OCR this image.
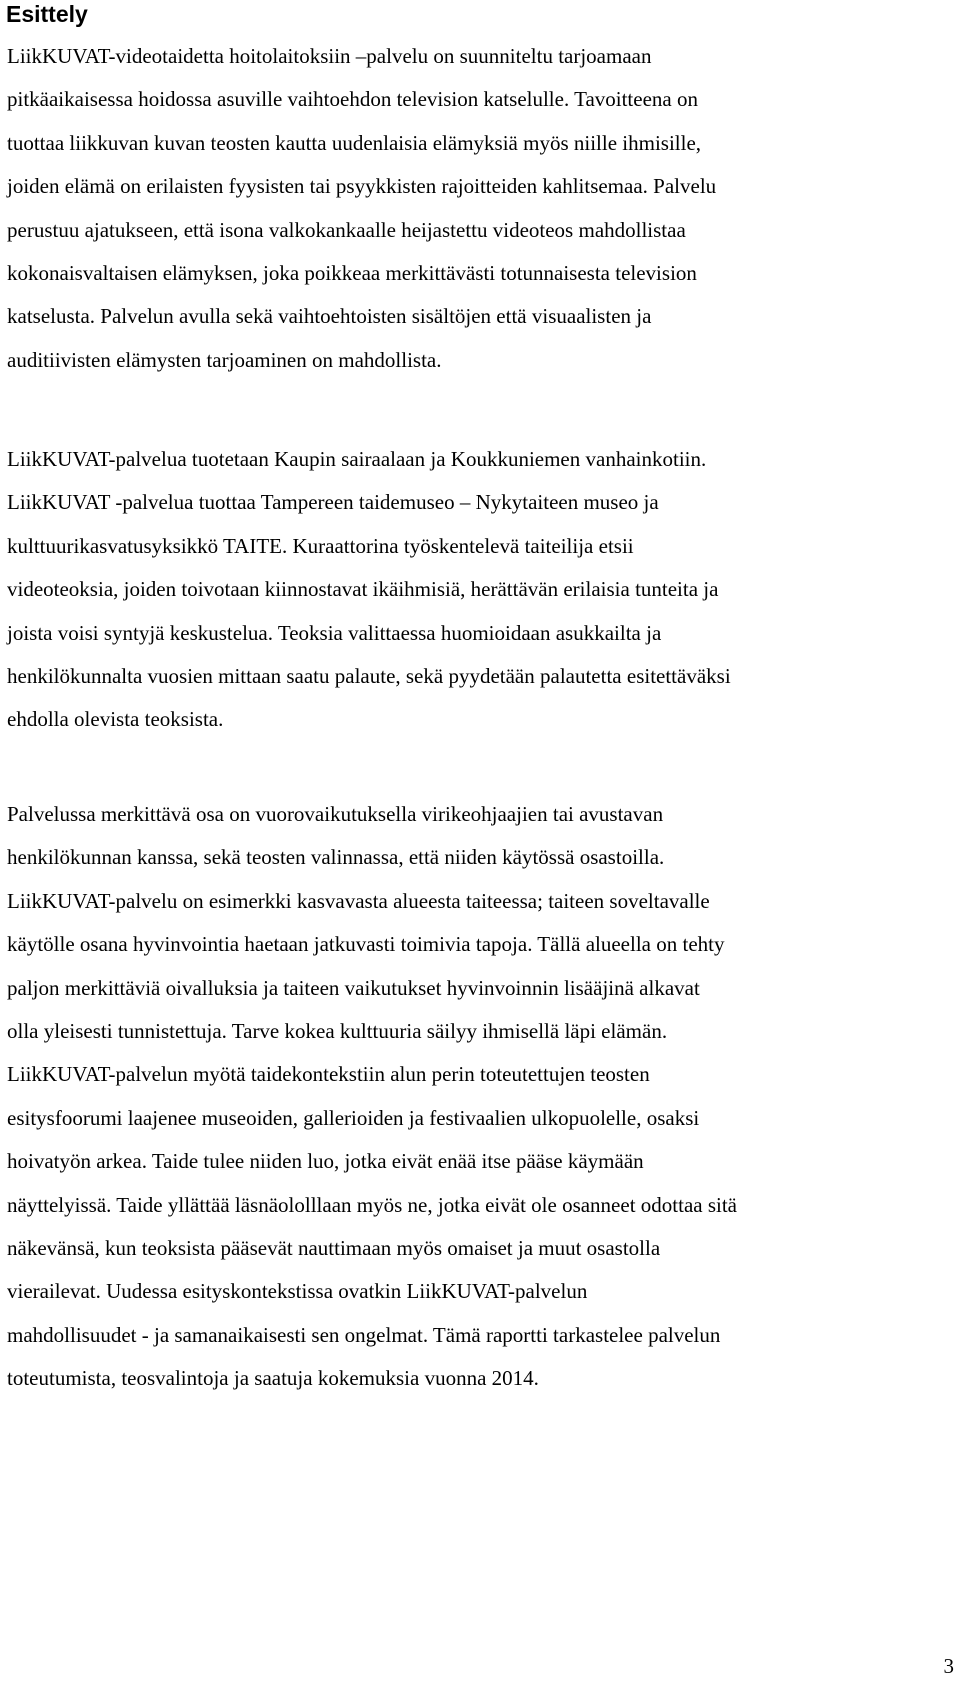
Esittely
LiikKUVAT-videotaidetta hoitolaitoksiin –palvelu on suunniteltu tarjoamaan
pitkäaikaisessa hoidossa asuville vaihtoehdon television katselulle. Tavoitteena on
tuottaa liikkuvan kuvan teosten kautta uudenlaisia elämyksiä myös niille ihmisille,
joiden elämä on erilaisten fyysisten tai psyykkisten rajoitteiden kahlitsemaa. Palvelu
perustuu ajatukseen, että isona valkokankaalle heijastettu videoteos mahdollistaa
kokonaisvaltaisen elämyksen, joka poikkeaa merkittävästi totunnaisesta television
katselusta. Palvelun avulla sekä vaihtoehtoisten sisältöjen että visuaalisten ja
auditiivisten elämysten tarjoaminen on mahdollista.
LiikKUVAT-palvelua tuotetaan Kaupin sairaalaan ja Koukkuniemen vanhainkotiin.
LiikKUVAT -palvelua tuottaa Tampereen taidemuseo – Nykytaiteen museo ja
kulttuurikasvatusyksikkö TAITE. Kuraattorina työskentelevä taiteilija etsii
videoteoksia, joiden toivotaan kiinnostavat ikäihmisiä, herättävän erilaisia tunteita ja
joista voisi syntyjä keskustelua. Teoksia valittaessa huomioidaan asukkailta ja
henkilökunnalta vuosien mittaan saatu palaute, sekä pyydetään palautetta esitettäväksi
ehdolla olevista teoksista.
Palvelussa merkittävä osa on vuorovaikutuksella virikeohjaajien tai avustavan
henkilökunnan kanssa, sekä teosten valinnassa, että niiden käytössä osastoilla.
LiikKUVAT-palvelu on esimerkki kasvavasta alueesta taiteessa; taiteen soveltavalle
käytölle osana hyvinvointia haetaan jatkuvasti toimivia tapoja. Tällä alueella on tehty
paljon merkittäviä oivalluksia ja taiteen vaikutukset hyvinvoinnin lisääjinä alkavat
olla yleisesti tunnistettuja. Tarve kokea kulttuuria säilyy ihmisellä läpi elämän.
LiikKUVAT-palvelun myötä taidekontekstiin alun perin toteutettujen teosten
esitysfoorumi laajenee museoiden, gallerioiden ja festivaalien ulkopuolelle, osaksi
hoivatyön arkea. Taide tulee niiden luo, jotka eivät enää itse pääse käymään
näyttelyissä. Taide yllättää läsnäololllaan myös ne, jotka eivät ole osanneet odottaa sitä
näkevänsä, kun teoksista pääsevät nauttimaan myös omaiset ja muut osastolla
vierailevat. Uudessa esityskontekstissa ovatkin LiikKUVAT-palvelun
mahdollisuudet - ja samanaikaisesti sen ongelmat. Tämä raportti tarkastelee palvelun
toteutumista, teosvalintoja ja saatuja kokemuksia vuonna 2014.
3
